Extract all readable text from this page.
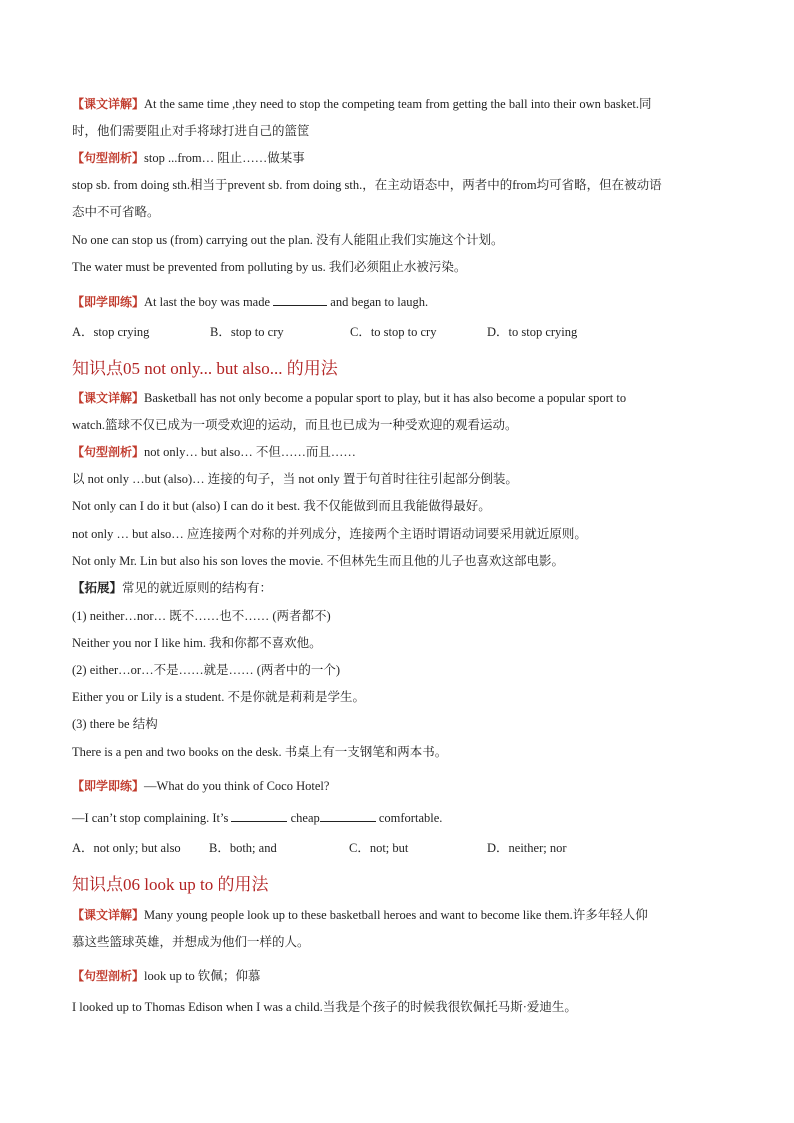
【课文详解】At the same time ,they need to stop the competing team from getting the ball into their own basket.同
时，他们需要阻止对手将球打进自己的篮筐
【句型剖析】stop ...from… 阻止……做某事
stop sb. from doing sth.相当于prevent sb. from doing sth.，在主动语态中，两者中的from均可省略，但在被动语
态中不可省略。
No one can stop us (from) carrying out the plan. 没有人能阻止我们实施这个计划。
The water must be prevented from polluting by us. 我们必须阻止水被污染。
【即学即练】At last the boy was made	and began to laugh.
A．stop crying	B．stop to cry	C．to stop to cry	D．to stop crying
知识点05 not only... but also... 的用法
【课文详解】Basketball has not only become a popular sport to play, but it has also become a popular sport to
watch.篮球不仅已成为一项受欢迎的运动，而且也已成为一种受欢迎的观看运动。
【句型剖析】not only… but also… 不但……而且……
以 not only …but (also)… 连接的句子，当 not only 置于句首时往往引起部分倒装。
Not only can I do it but (also) I can do it best. 我不仅能做到而且我能做得最好。
not only … but also… 应连接两个对称的并列成分，连接两个主语时谓语动词要采用就近原则。
Not only Mr. Lin but also his son loves the movie. 不但林先生而且他的儿子也喜欢这部电影。
【拓展】常见的就近原则的结构有：
(1) neither…nor… 既不……也不…… (两者都不)
Neither you nor I like him. 我和你都不喜欢他。
(2) either…or…不是……就是…… (两者中的一个)
Either you or Lily is a student. 不是你就是莉莉是学生。
(3) there be 结构
There is a pen and two books on the desk. 书桌上有一支钢笔和两本书。
【即学即练】—What do you think of Coco Hotel?
—I can’t stop complaining. It’s	cheap	comfortable.
A．not only; but also B．both; and	C．not; but	D．neither; nor
知识点06 look up to 的用法
【课文详解】Many young people look up to these basketball heroes and want to become like them.许多年轻人仰
慕这些篮球英雄，并想成为他们一样的人。
【句型剖析】look up to 钦佩；仰慕
I looked up to Thomas Edison when I was a child.当我是个孩子的时候我很钦佩托马斯·爱迪生。
